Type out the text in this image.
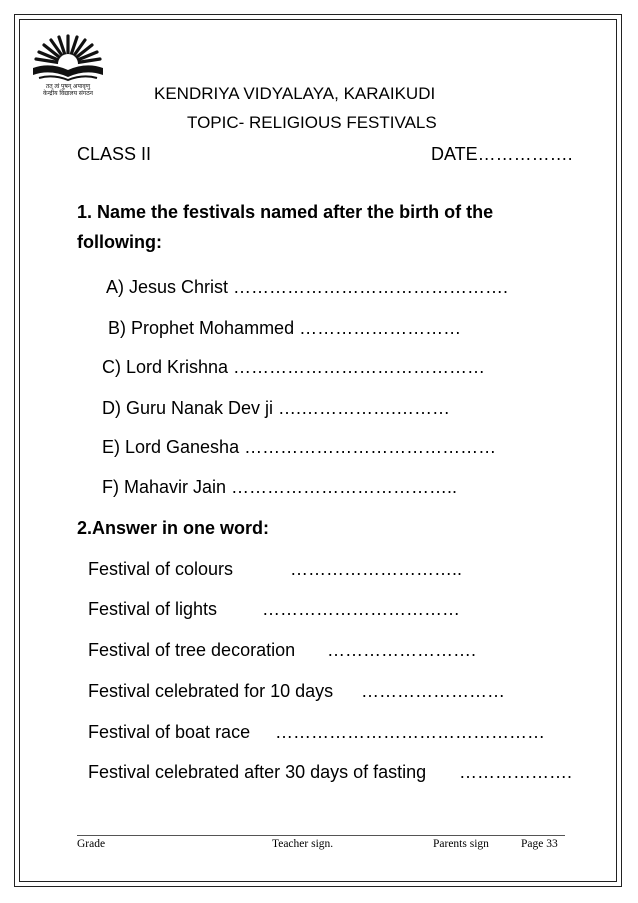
तत् त्वं पूषन् अपावृणु
केन्द्रीय विद्यालय संगठन	KENDRIYA VIDYALAYA, KARAIKUDI
TOPIC- RELIGIOUS FESTIVALS
CLASS II	DATE…………….
1. Name the festivals named after the birth of the
following:
A) Jesus Christ ……………………………………….
B) Prophet Mohammed ………………………
C) Lord Krishna ……………………………………
D) Guru Nanak Dev ji ….…………….………
E) Lord Ganesha ……………………………………
F) Mahavir Jain ………………………………..
2.Answer in one word:
Festival of colours	………………………..
Festival of lights ……………………………
Festival of tree decoration …………………….
Festival celebrated for 10 days ……………………
Festival of boat race ………………………………………
Festival celebrated after 30 days of fasting ……………….
Grade	Teacher sign.	Parents sign	Page 33
